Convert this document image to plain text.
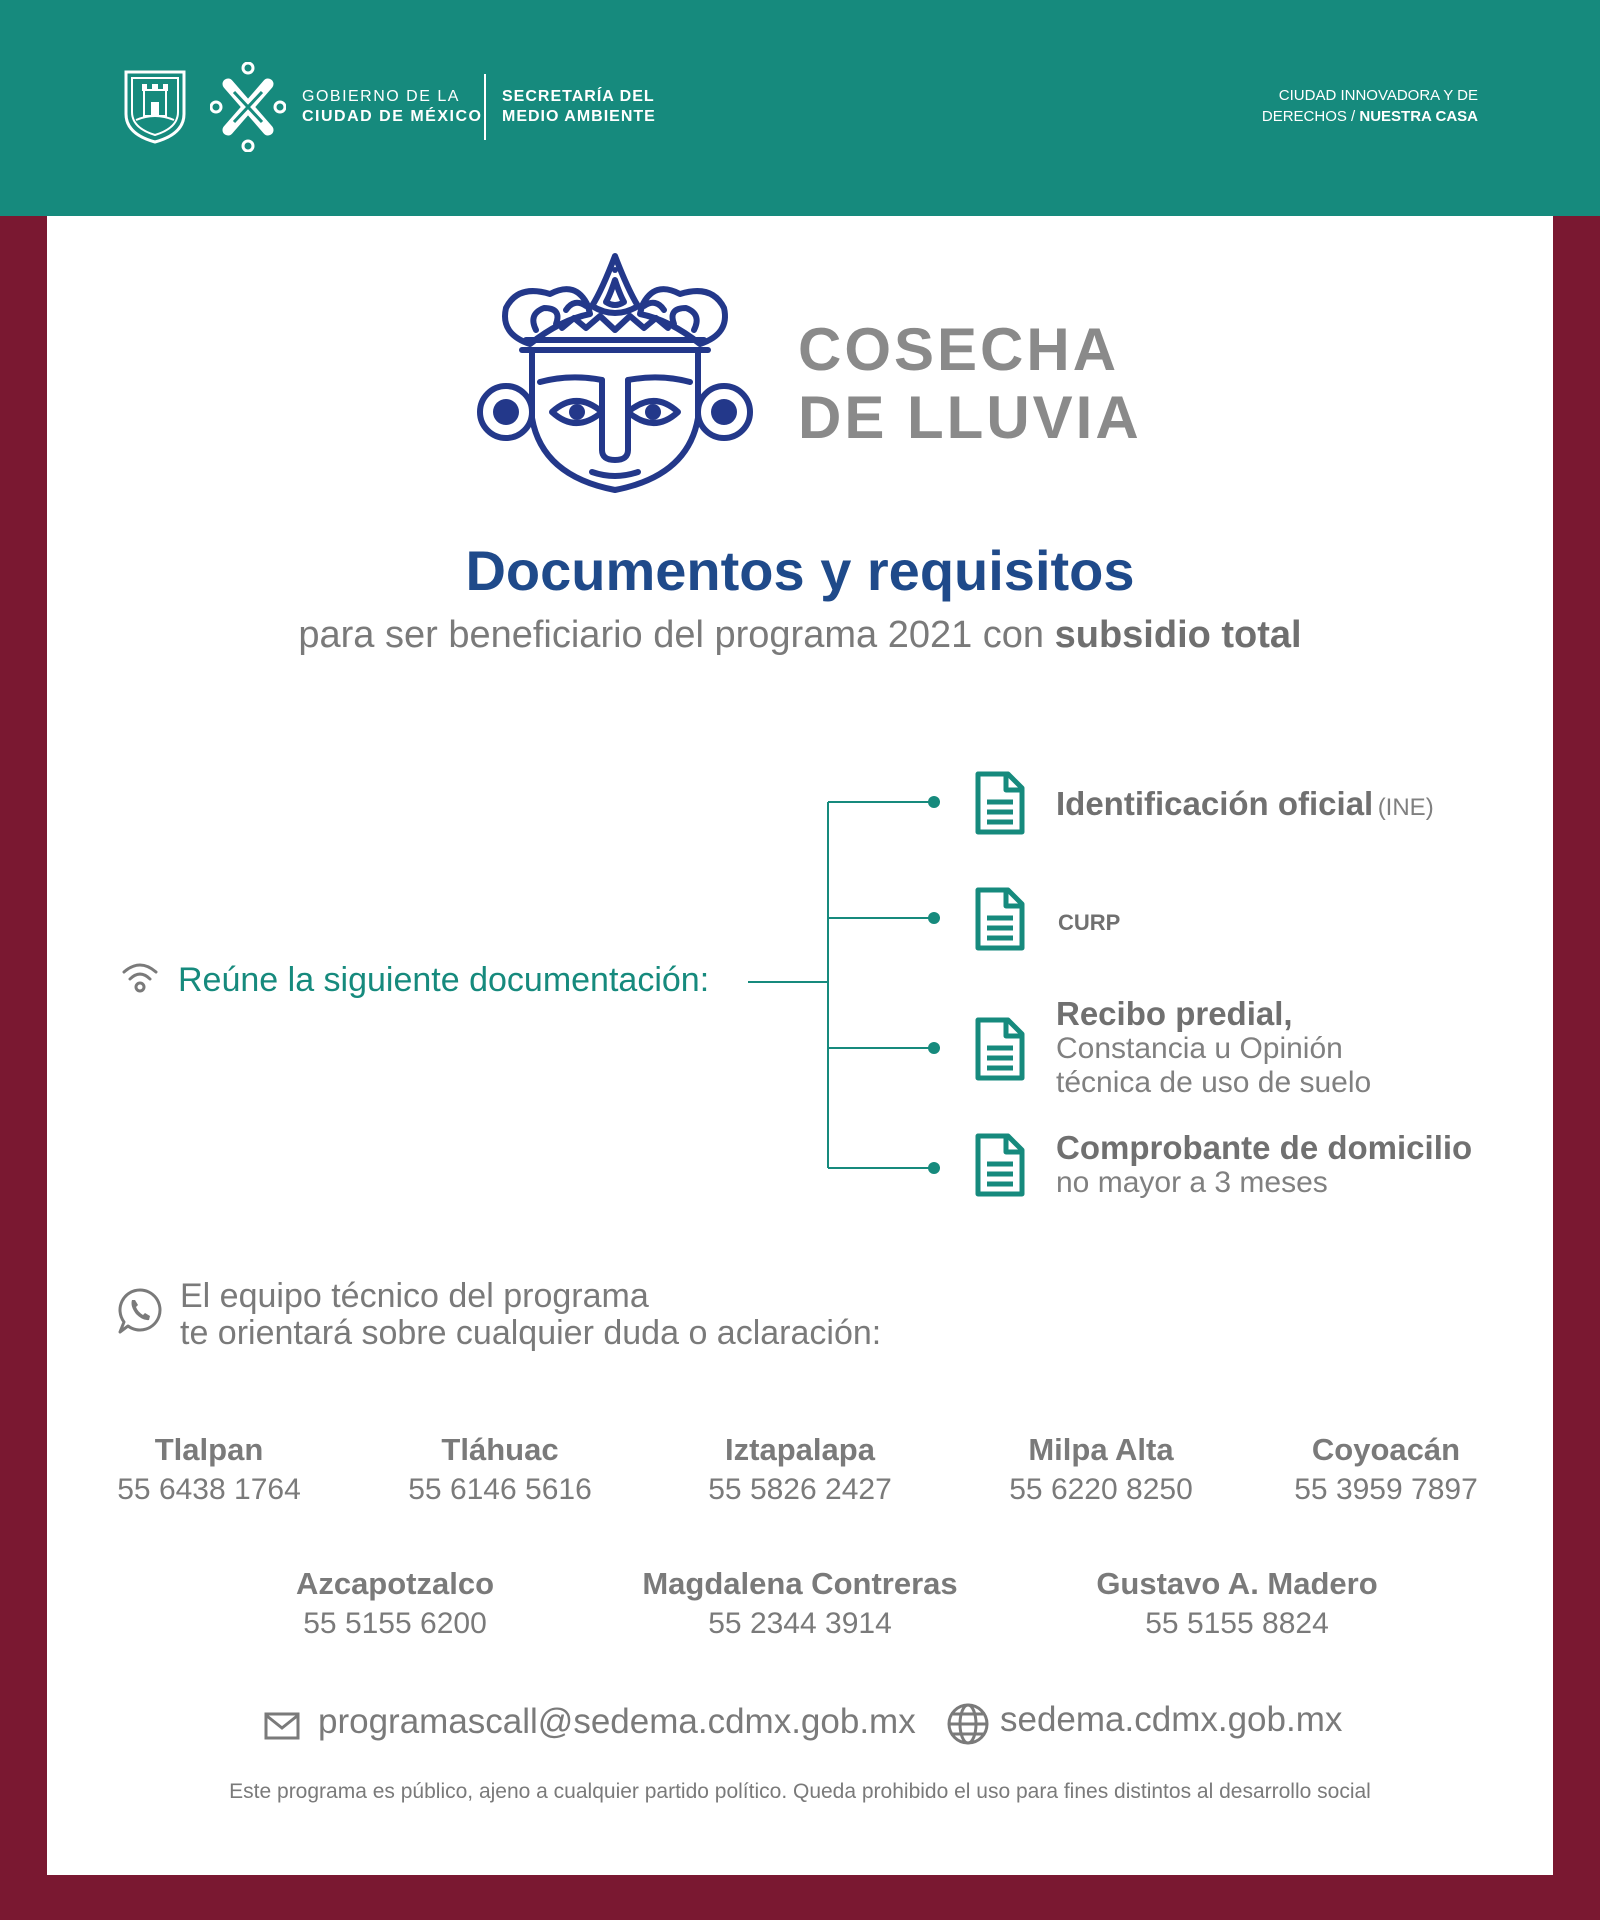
GOBIERNO DE LA
CIUDAD DE MÉXICO
SECRETARÍA DEL
MEDIO AMBIENTE
CIUDAD INNOVADORA Y DE
DERECHOS / NUESTRA CASA
COSECHA
DE LLUVIA
Documentos y requisitos
para ser beneficiario del programa 2021 con subsidio total
Reúne la siguiente documentación:
Identificación oficial (INE)
CURP
Recibo predial,
Constancia u Opinión
técnica de uso de suelo
Comprobante de domicilio
no mayor a 3 meses
El equipo técnico del programa
te orientará sobre cualquier duda o aclaración:
Tlalpan
55 6438 1764
Tláhuac
55 6146 5616
Iztapalapa
55 5826 2427
Milpa Alta
55 6220 8250
Coyoacán
55 3959 7897
Azcapotzalco
55 5155 6200
Magdalena Contreras
55 2344 3914
Gustavo A. Madero
55 5155 8824
programascall@sedema.cdmx.gob.mx sedema.cdmx.gob.mx
Este programa es público, ajeno a cualquier partido político. Queda prohibido el uso para fines distintos al desarrollo social
